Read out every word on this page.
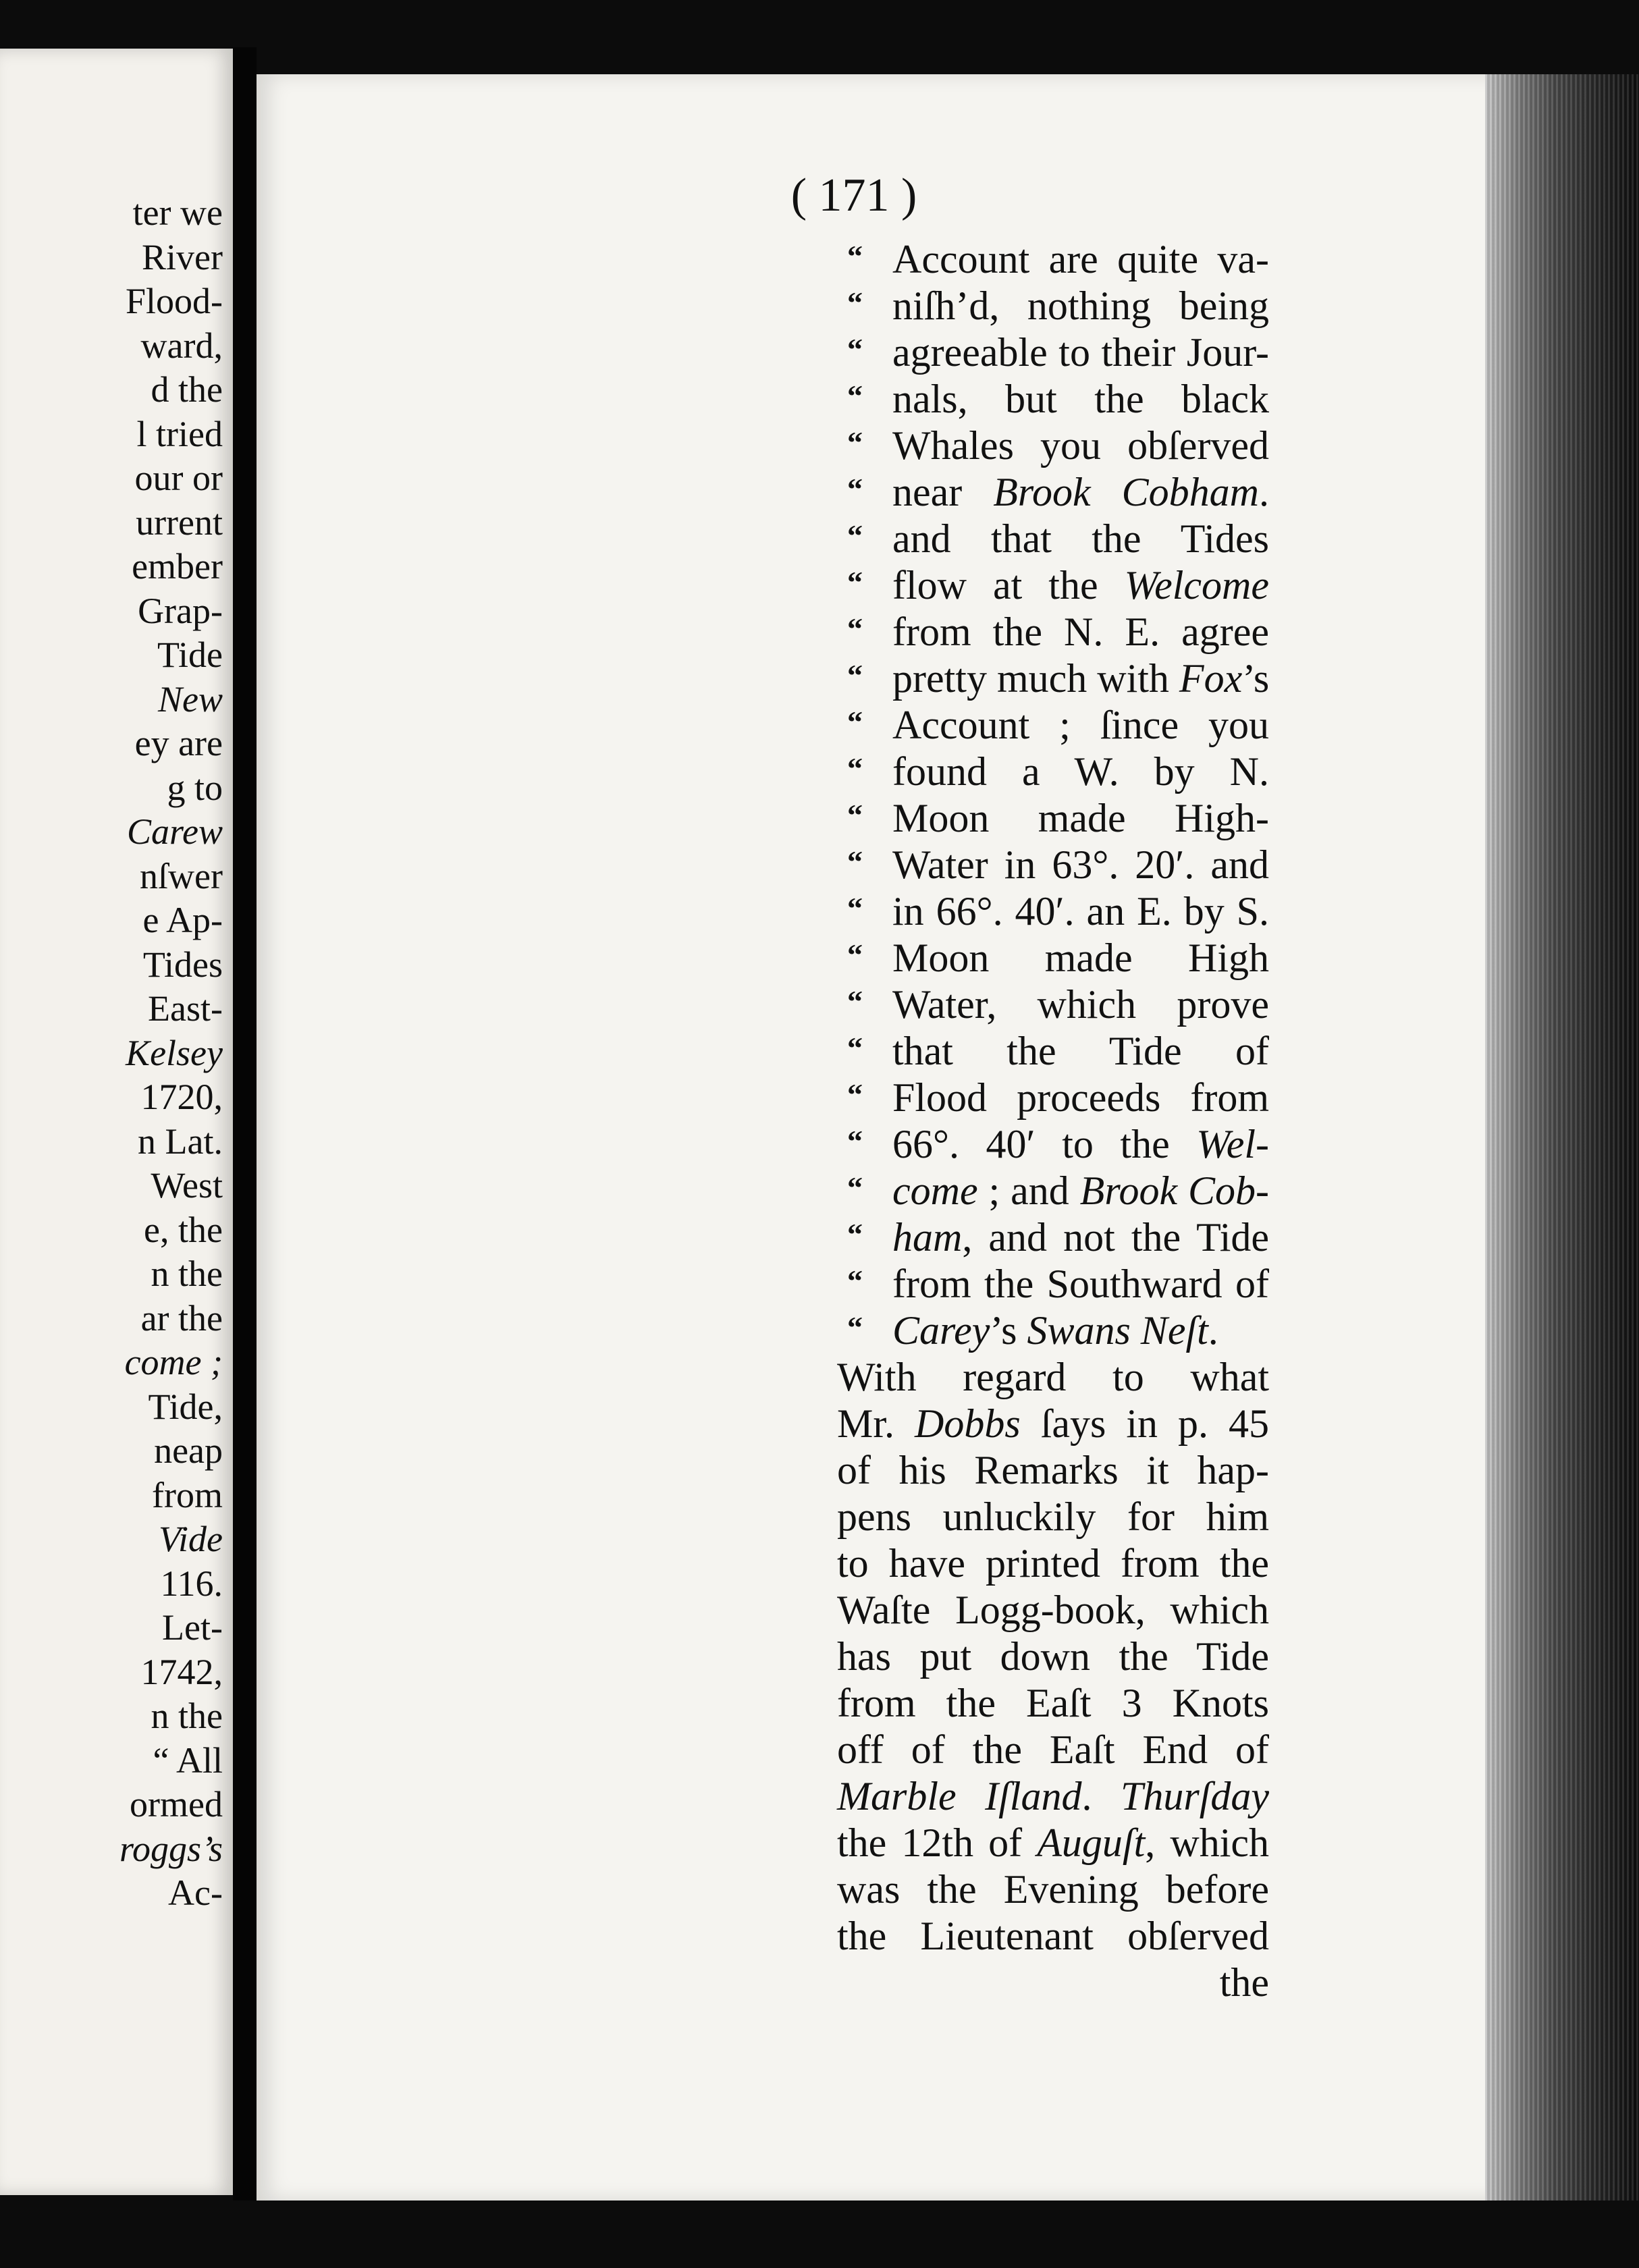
ter we
River
Flood-
ward,
d the
l tried
our or
urrent
ember
Grap-
Tide
New
ey are
g to
Carew
nſwer
e Ap-
Tides
East-
Kelsey
1720,
n Lat.
West
e, the
n the
ar the
come ;
Tide,
neap
from
Vide
116.
Let-
1742,
n the
“ All
ormed
roggs’s
Ac-
( 171 )
“
“
“
“
“
“
“
“
“
“
“
“
“
“
“
“
“
“
“
“
“
“
“
“
Account are quite va-
niſh’d, nothing being
agreeable to their Jour-
nals, but the black
Whales you obſerved
near Brook Cobham.
and that the Tides
flow at the Welcome
from the N. E. agree
pretty much with Fox’s
Account ; ſince you
found a W. by N.
Moon made High-
Water in 63°. 20′. and
in 66°. 40′. an E. by S.
Moon made High
Water, which prove
that the Tide of
Flood proceeds from
66°. 40′ to the Wel-
come ; and Brook Cob-
ham, and not the Tide
from the Southward of
Carey’s Swans Neſt.
With regard to what
Mr. Dobbs ſays in p. 45
of his Remarks it hap-
pens unluckily for him
to have printed from the
Waſte Logg-book, which
has put down the Tide
from the Eaſt 3 Knots
off of the Eaſt End of
Marble Iſland. Thurſday
the 12th of Auguſt, which
was the Evening before
the Lieutenant obſerved
the
